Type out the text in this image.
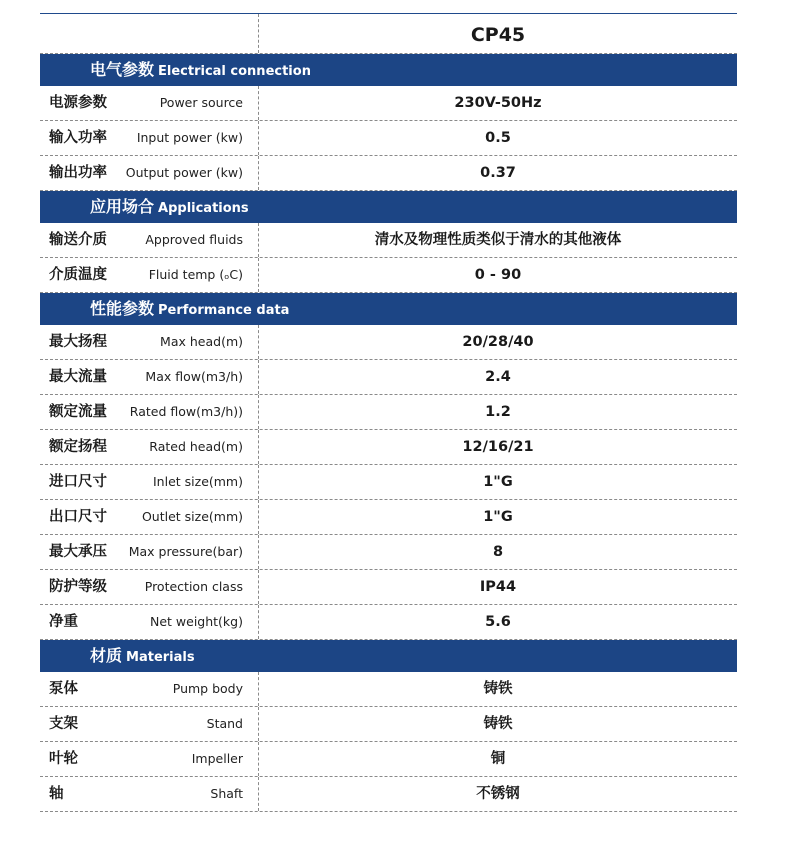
CP45
电气参数 Electrical connection
电源参数	Power source	230V-50Hz
输入功率 Input power (kw)	0.5
输出功率 Output power (kw)	0.37
应用场合 Applications
输送介质	Approved fluids	清水及物理性质类似于清水的其他液体
介质温度	Fluid temp (ₒC)	0 - 90
性能参数 Performance data
最大扬程	Max head(m)	20/28/40
最大流量	Max flow(m3/h)	2.4
额定流量 Rated flow(m3/h))	1.2
额定扬程	Rated head(m)	12/16/21
进口尺寸	Inlet size(mm)	1"G
出口尺寸	Outlet size(mm)	1"G
最大承压 Max pressure(bar)	8
防护等级	Protection class	IP44
净重	Net weight(kg)	5.6
材质 Materials
泵体	Pump body	铸铁
支架	Stand	铸铁
叶轮	Impeller	铜
轴	Shaft	不锈钢
